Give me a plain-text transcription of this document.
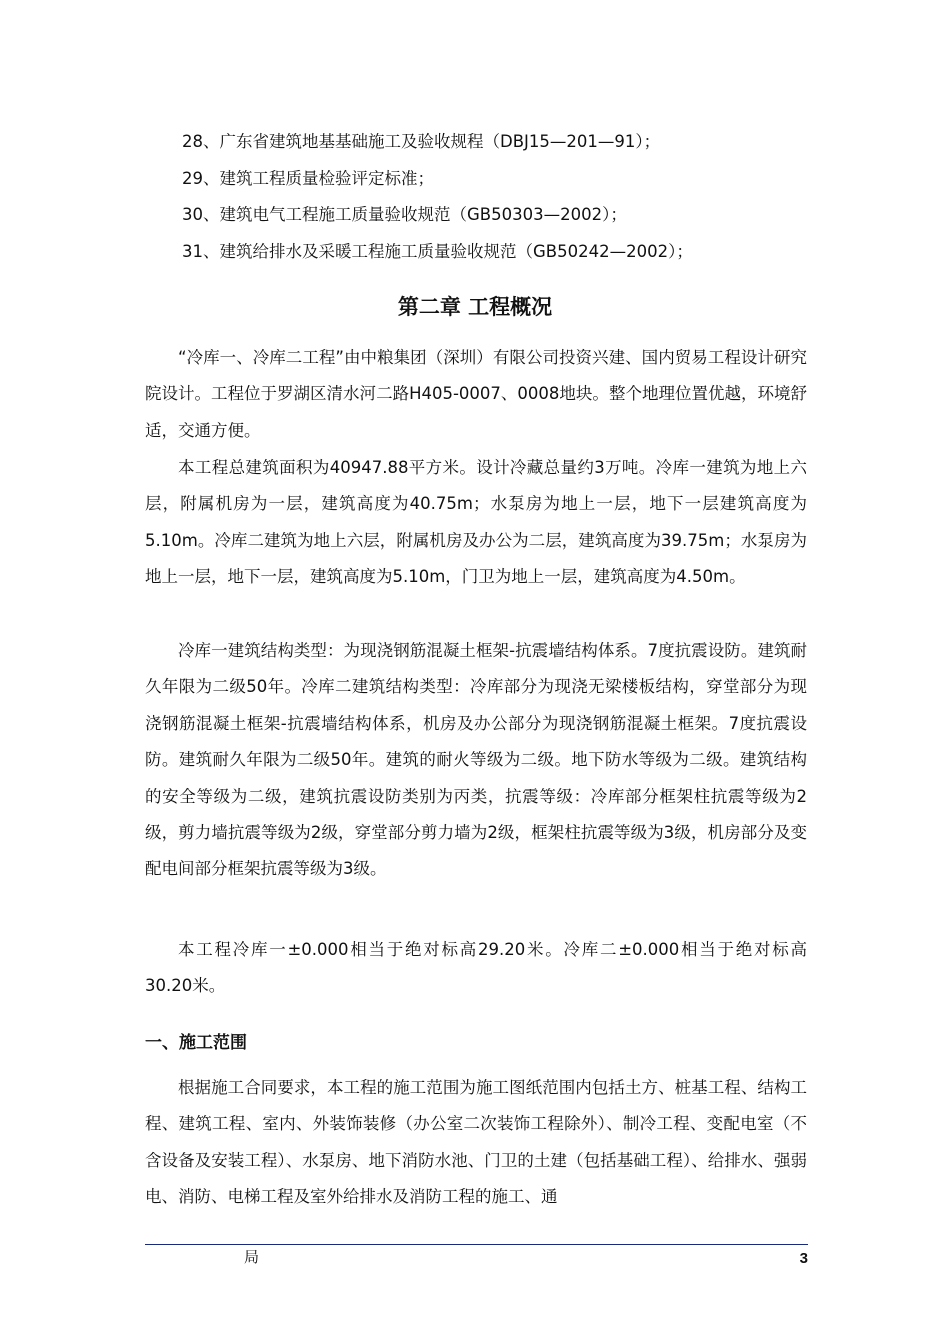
28、广东省建筑地基基础施工及验收规程（DBJ15—201—91）；
29、建筑工程质量检验评定标准；
30、建筑电气工程施工质量验收规范（GB50303—2002）；
31、建筑给排水及采暖工程施工质量验收规范（GB50242—2002）；
第二章 工程概况

“冷库一、冷库二工程”由中粮集团（深圳）有限公司投资兴建、国内贸易工程设计研究院设计。工程位于罗湖区清水河二路H405-0007、0008地块。整个地理位置优越，环境舒适，交通方便。

本工程总建筑面积为40947.88平方米。设计冷藏总量约3万吨。冷库一建筑为地上六层，附属机房为一层，建筑高度为40.75m；水泵房为地上一层，地下一层建筑高度为5.10m。冷库二建筑为地上六层，附属机房及办公为二层，建筑高度为39.75m；水泵房为地上一层，地下一层，建筑高度为5.10m，门卫为地上一层，建筑高度为4.50m。

冷库一建筑结构类型：为现浇钢筋混凝土框架-抗震墙结构体系。7度抗震设防。建筑耐久年限为二级50年。冷库二建筑结构类型：冷库部分为现浇无梁楼板结构，穿堂部分为现浇钢筋混凝土框架-抗震墙结构体系，机房及办公部分为现浇钢筋混凝土框架。7度抗震设防。建筑耐久年限为二级50年。建筑的耐火等级为二级。地下防水等级为二级。建筑结构的安全等级为二级，建筑抗震设防类别为丙类，抗震等级：冷库部分框架柱抗震等级为2级，剪力墙抗震等级为2级，穿堂部分剪力墙为2级，框架柱抗震等级为3级，机房部分及变配电间部分框架抗震等级为3级。

本工程冷库一±0.000相当于绝对标高29.20米。冷库二±0.000相当于绝对标高30.20米。

一、施工范围

根据施工合同要求，本工程的施工范围为施工图纸范围内包括土方、桩基工程、结构工程、建筑工程、室内、外装饰装修（办公室二次装饰工程除外）、制冷工程、变配电室（不含设备及安装工程）、水泵房、地下消防水池、门卫的土建（包括基础工程）、给排水、强弱电、消防、电梯工程及室外给排水及消防工程的施工、通

局	3
